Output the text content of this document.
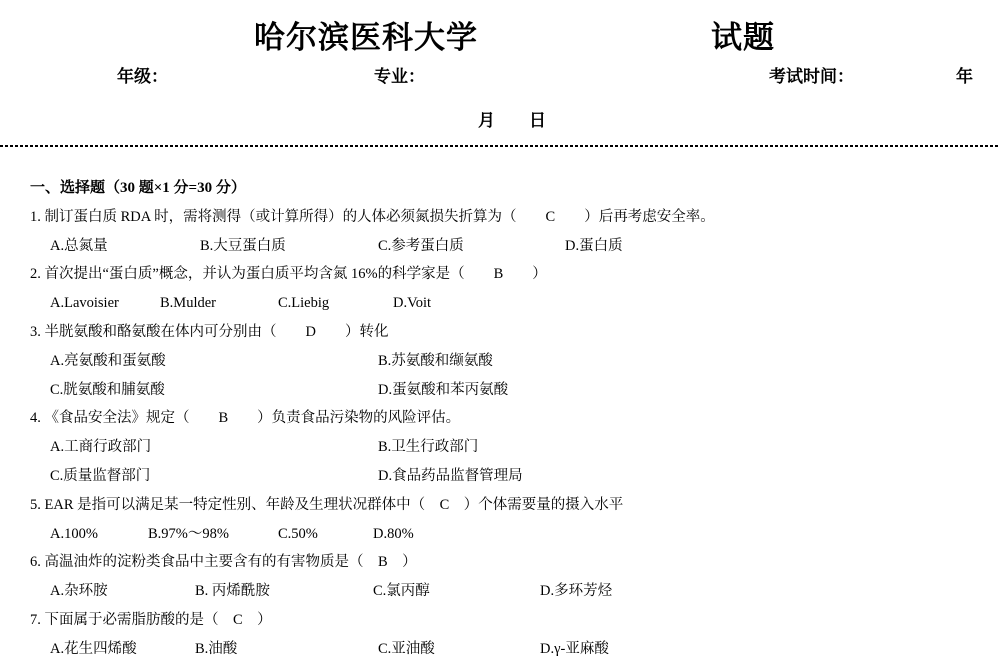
哈尔滨医科大学	试题
年级：	专业：	考试时间：	年
月　　日
一、选择题（30 题×1 分=30 分）
1. 制订蛋白质 RDA 时，需将测得（或计算所得）的人体必须氮损失折算为（　　C　　）后再考虑安全率。
A.总氮量	B.大豆蛋白质	C.参考蛋白质	D.蛋白质
2. 首次提出“蛋白质”概念，并认为蛋白质平均含氮 16%的科学家是（　　B　　）
A.Lavoisier	B.Mulder	C.Liebig	D.Voit
3. 半胱氨酸和酪氨酸在体内可分别由（　　D　　）转化
A.亮氨酸和蛋氨酸	B.苏氨酸和缬氨酸
C.胱氨酸和脯氨酸	D.蛋氨酸和苯丙氨酸
4. 《食品安全法》规定（　　B　　）负责食品污染物的风险评估。
A.工商行政部门	B.卫生行政部门
C.质量监督部门	D.食品药品监督管理局
5. EAR 是指可以满足某一特定性别、年龄及生理状况群体中（　C　）个体需要量的摄入水平
A.100%	B.97%～98%	C.50%	D.80%
6. 高温油炸的淀粉类食品中主要含有的有害物质是（　B　）
A.杂环胺	B. 丙烯酰胺	C.氯丙醇	D.多环芳烃
7. 下面属于必需脂肪酸的是（　C　）
A.花生四烯酸	B.油酸	C.亚油酸	D.γ-亚麻酸
